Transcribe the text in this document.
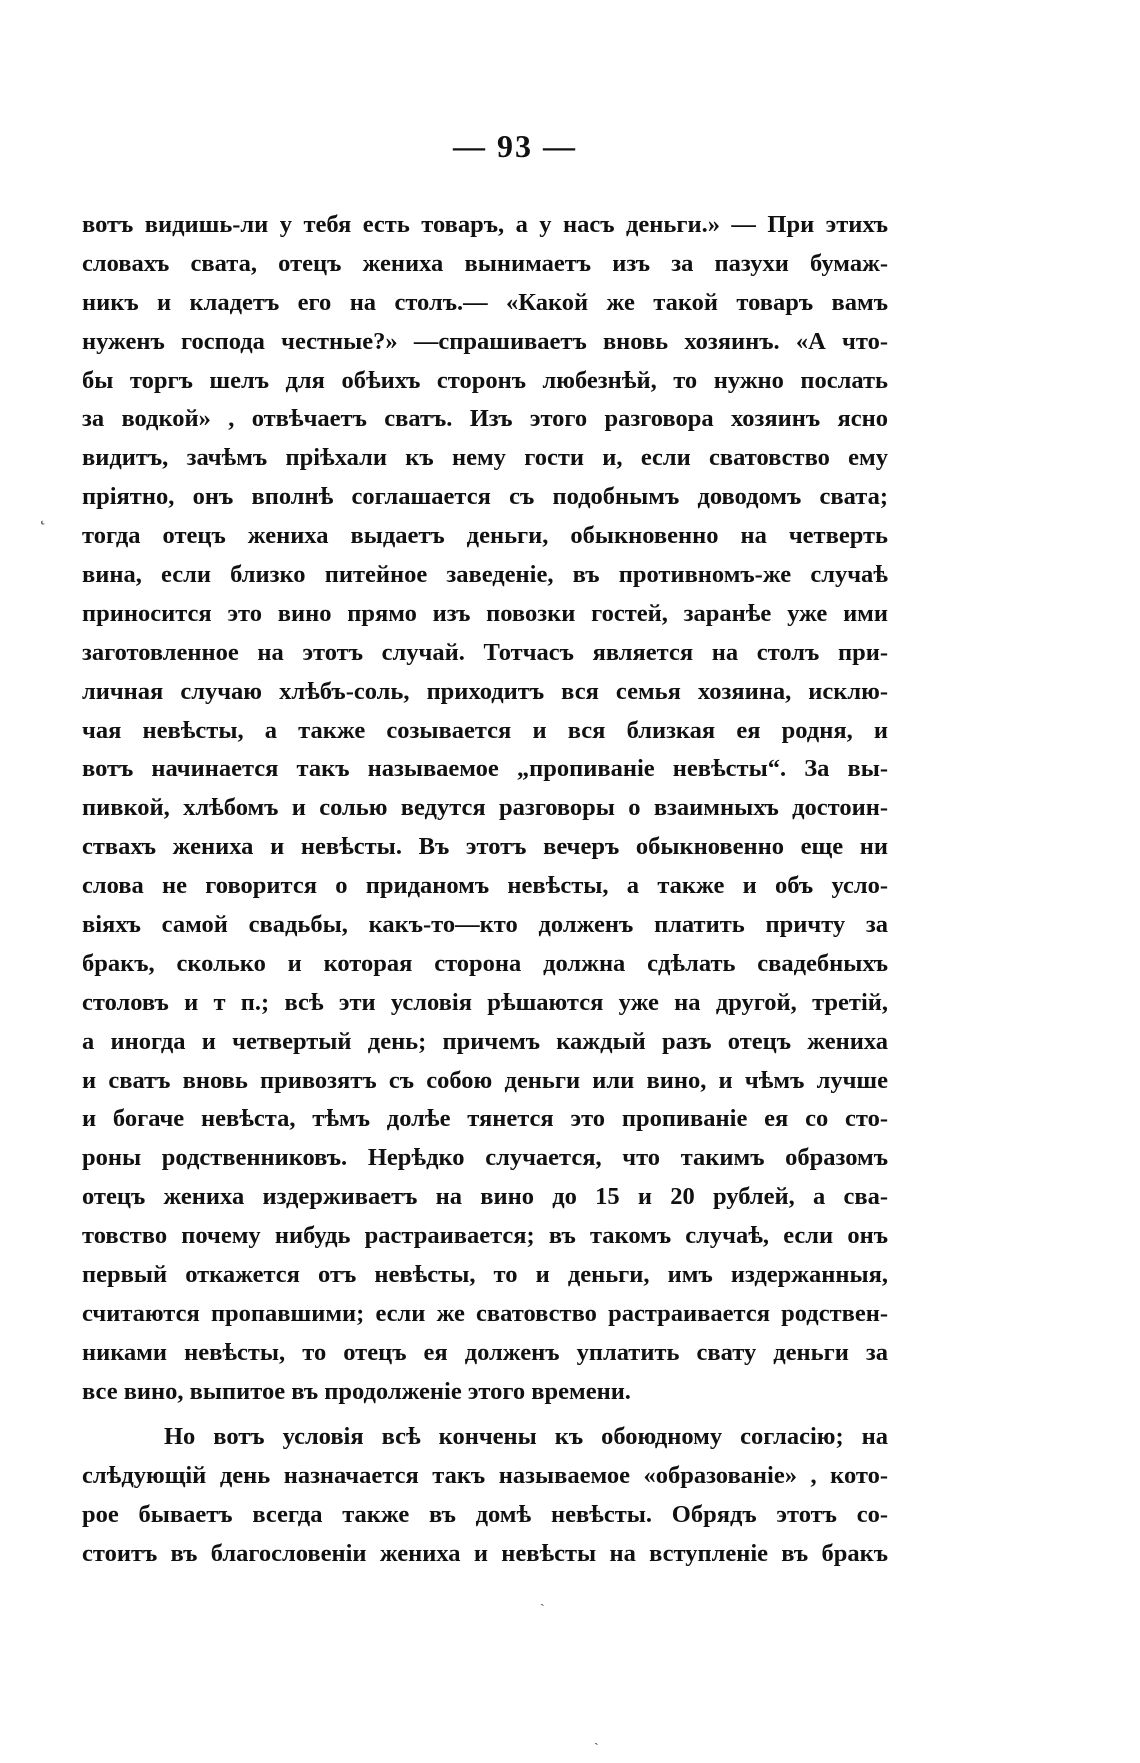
— 93 —

вотъ видишь-ли у тебя есть товаръ, а у насъ деньги.» — При этихъ
словахъ свата, отецъ жениха вынимаетъ изъ за пазухи бумаж-
никъ и кладетъ его на столъ.— «Какой же такой товаръ вамъ
нуженъ господа честные?» —спрашиваетъ вновь хозяинъ. «А что-
бы торгъ шелъ для обѣихъ сторонъ любезнѣй, то нужно послать
за водкой» , отвѣчаетъ сватъ. Изъ этого разговора хозяинъ ясно
видитъ, зачѣмъ пріѣхали къ нему гости и, если сватовство ему
пріятно, онъ вполнѣ соглашается съ подобнымъ доводомъ свата;
тогда отецъ жениха выдаетъ деньги, обыкновенно на четверть
вина, если близко питейное заведеніе, въ противномъ-же случаѣ
приносится это вино прямо изъ повозки гостей, заранѣе уже ими
заготовленное на этотъ случай. Тотчасъ является на столъ при-
личная случаю хлѣбъ-соль, приходитъ вся семья хозяина, исклю-
чая невѣсты, а также созывается и вся близкая ея родня, и
вотъ начинается такъ называемое „пропиваніе невѣсты“. За вы-
пивкой, хлѣбомъ и солью ведутся разговоры о взаимныхъ достоин-
ствахъ жениха и невѣсты. Въ этотъ вечеръ обыкновенно еще ни
слова не говорится о приданомъ невѣсты, а также и объ усло-
віяхъ самой свадьбы, какъ-то—кто долженъ платить причту за
бракъ, сколько и которая сторона должна сдѣлать свадебныхъ
столовъ и т п.; всѣ эти условія рѣшаются уже на другой, третій,
а иногда и четвертый день; причемъ каждый разъ отецъ жениха
и сватъ вновь привозятъ съ собою деньги или вино, и чѣмъ лучше
и богаче невѣста, тѣмъ долѣе тянется это пропиваніе ея со сто-
роны родственниковъ. Нерѣдко случается, что такимъ образомъ
отецъ жениха издерживаетъ на вино до 15 и 20 рублей, а сва-
товство почему нибудь растраивается; въ такомъ случаѣ, если онъ
первый откажется отъ невѣсты, то и деньги, имъ издержанныя,
считаются пропавшими; если же сватовство растраивается родствен-
никами невѣсты, то отецъ ея долженъ уплатить свату деньги за
все вино, выпитое въ продолженіе этого времени.

Но вотъ условія всѣ кончены къ обоюдному согласію; на
слѣдующій день назначается такъ называемое «образованіе» , кото-
рое бываетъ всегда также въ домѣ невѣсты. Обрядъ этотъ со-
стоитъ въ благословеніи жениха и невѣсты на вступленіе въ бракъ

˛
ˏ
ˏ
